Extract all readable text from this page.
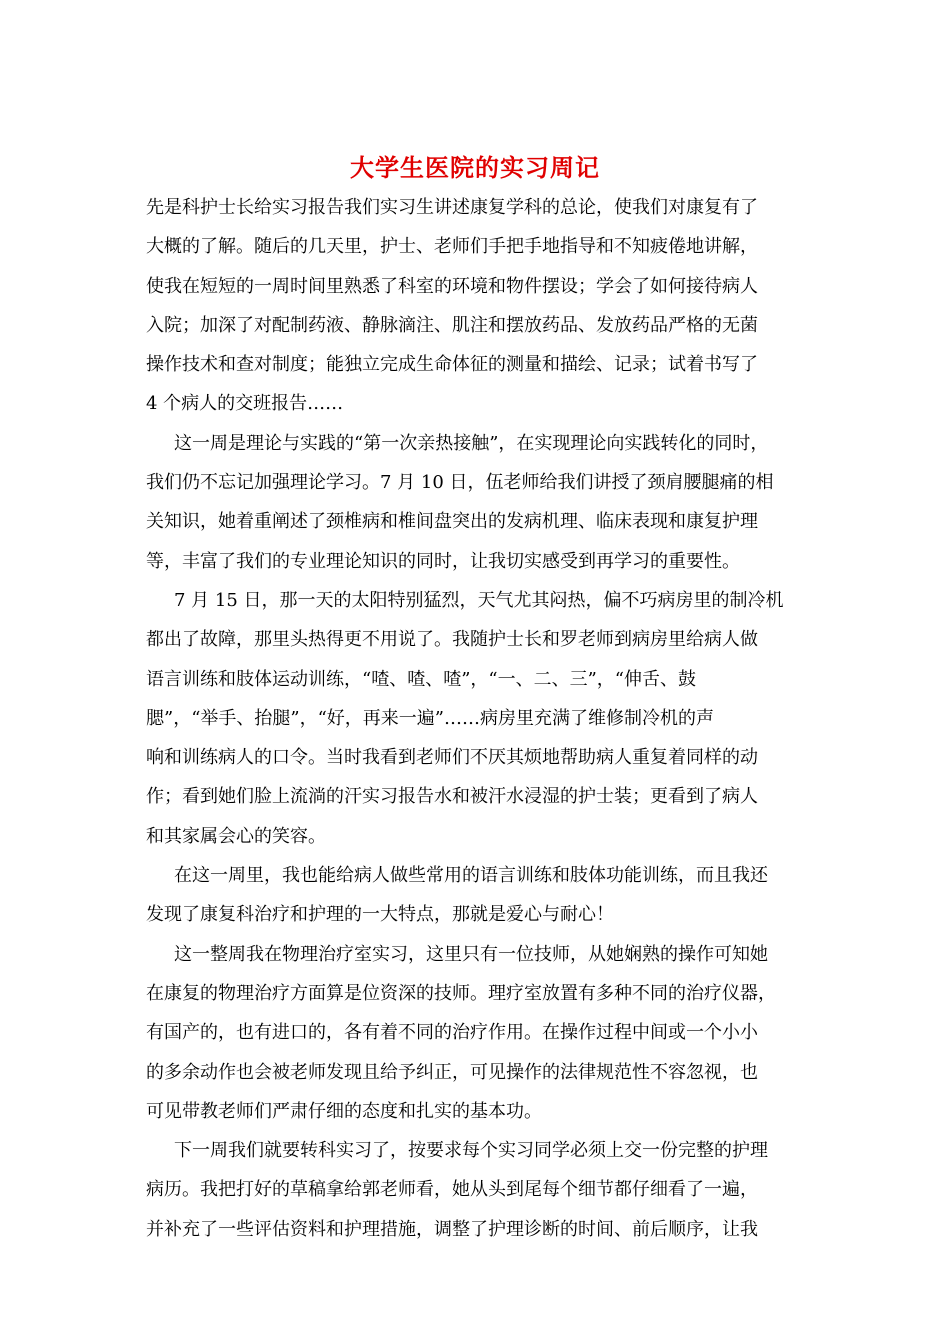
大学生医院的实习周记

先是科护士长给实习报告我们实习生讲述康复学科的总论，使我们对康复有了

大概的了解。随后的几天里，护士、老师们手把手地指导和不知疲倦地讲解，

使我在短短的一周时间里熟悉了科室的环境和物件摆设；学会了如何接待病人

入院；加深了对配制药液、静脉滴注、肌注和摆放药品、发放药品严格的无菌

操作技术和查对制度；能独立完成生命体征的测量和描绘、记录；试着书写了

4 个病人的交班报告……

这一周是理论与实践的“第一次亲热接触”，在实现理论向实践转化的同时，

我们仍不忘记加强理论学习。7 月 10 日，伍老师给我们讲授了颈肩腰腿痛的相

关知识，她着重阐述了颈椎病和椎间盘突出的发病机理、临床表现和康复护理

等，丰富了我们的专业理论知识的同时，让我切实感受到再学习的重要性。

7 月 15 日，那一天的太阳特别猛烈，天气尤其闷热，偏不巧病房里的制冷机

都出了故障，那里头热得更不用说了。我随护士长和罗老师到病房里给病人做

语言训练和肢体运动训练，“喳、喳、喳”，“一、二、三”，“伸舌、鼓

腮”，“举手、抬腿”，“好，再来一遍”……病房里充满了维修制冷机的声

响和训练病人的口令。当时我看到老师们不厌其烦地帮助病人重复着同样的动

作；看到她们脸上流淌的汗实习报告水和被汗水浸湿的护士装；更看到了病人

和其家属会心的笑容。

在这一周里，我也能给病人做些常用的语言训练和肢体功能训练，而且我还

发现了康复科治疗和护理的一大特点，那就是爱心与耐心！

这一整周我在物理治疗室实习，这里只有一位技师，从她娴熟的操作可知她

在康复的物理治疗方面算是位资深的技师。理疗室放置有多种不同的治疗仪器，

有国产的，也有进口的，各有着不同的治疗作用。在操作过程中间或一个小小

的多余动作也会被老师发现且给予纠正，可见操作的法律规范性不容忽视，也

可见带教老师们严肃仔细的态度和扎实的基本功。

下一周我们就要转科实习了，按要求每个实习同学必须上交一份完整的护理

病历。我把打好的草稿拿给郭老师看，她从头到尾每个细节都仔细看了一遍，

并补充了一些评估资料和护理措施，调整了护理诊断的时间、前后顺序，让我
